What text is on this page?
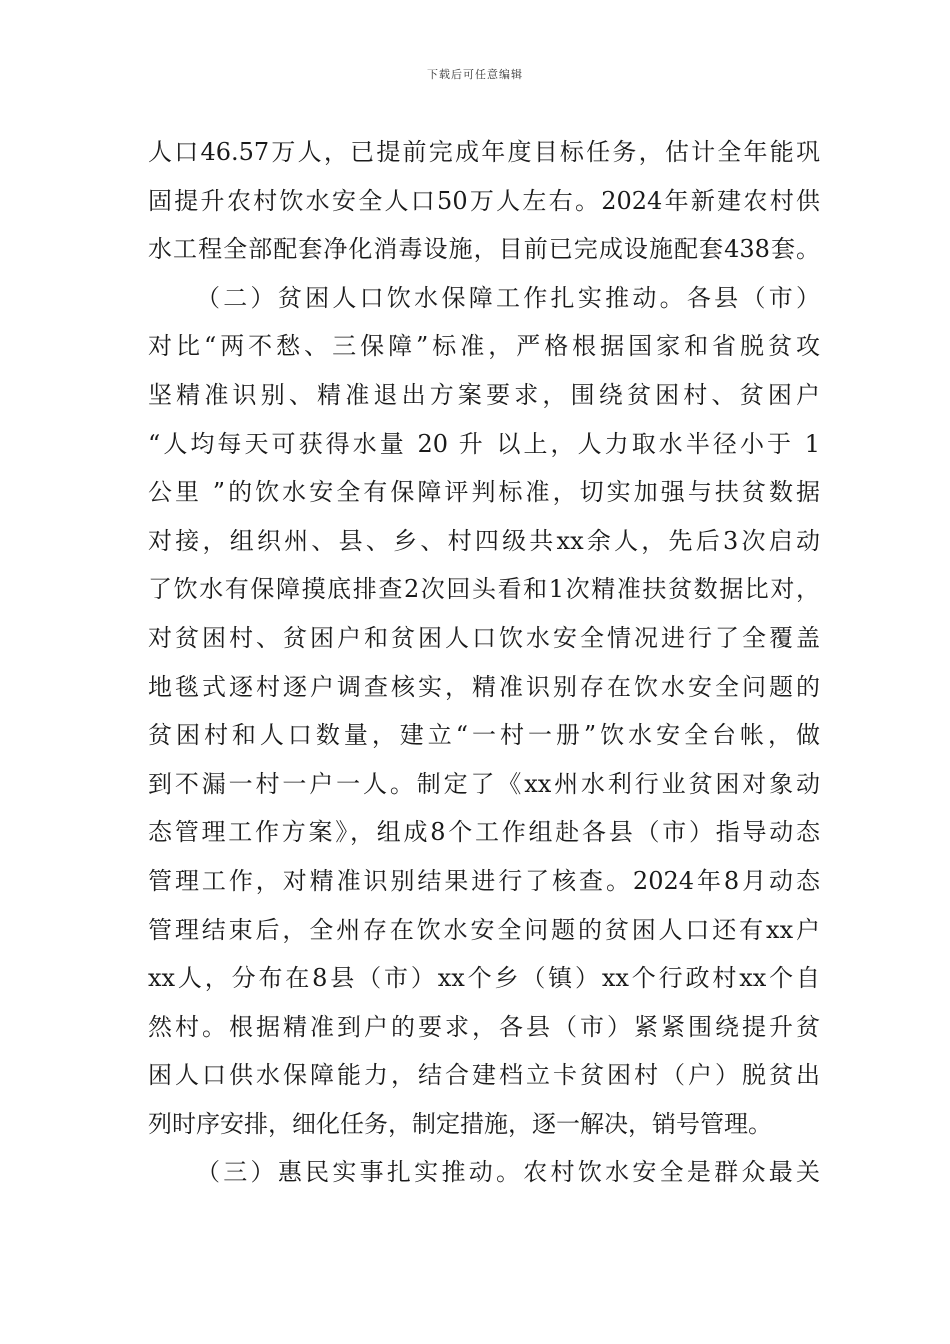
下载后可任意编辑
人口46.57万人，已提前完成年度目标任务，估计全年能巩
固提升农村饮水安全人口50万人左右。2024年新建农村供
水工程全部配套净化消毒设施，目前已完成设施配套438套。
（二）贫困人口饮水保障工作扎实推动。各县（市）
对比“两不愁、三保障”标准，严格根据国家和省脱贫攻
坚精准识别、精准退出方案要求，围绕贫困村、贫困户
“人均每天可获得水量 20 升 以上，人力取水半径小于 1
公里 ”的饮水安全有保障评判标准，切实加强与扶贫数据
对接，组织州、县、乡、村四级共xx余人，先后3次启动
了饮水有保障摸底排查2次回头看和1次精准扶贫数据比对，
对贫困村、贫困户和贫困人口饮水安全情况进行了全覆盖
地毯式逐村逐户调查核实，精准识别存在饮水安全问题的
贫困村和人口数量，建立“一村一册”饮水安全台帐，做
到不漏一村一户一人。制定了《xx州水利行业贫困对象动
态管理工作方案》，组成8个工作组赴各县（市）指导动态
管理工作，对精准识别结果进行了核查。2024年8月动态
管理结束后，全州存在饮水安全问题的贫困人口还有xx户
xx人，分布在8县（市）xx个乡（镇）xx个行政村xx个自
然村。根据精准到户的要求，各县（市）紧紧围绕提升贫
困人口供水保障能力，结合建档立卡贫困村（户）脱贫出
列时序安排，细化任务，制定措施，逐一解决，销号管理。
（三）惠民实事扎实推动。农村饮水安全是群众最关
